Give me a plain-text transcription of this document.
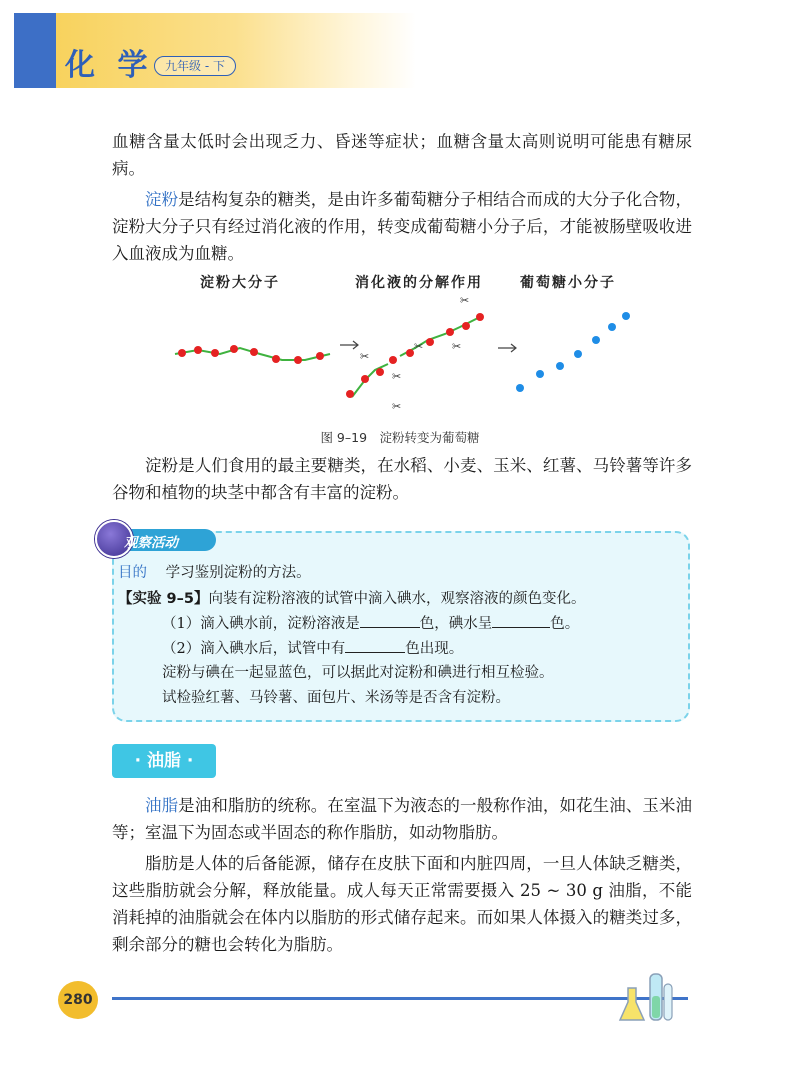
化 学 九年级 - 下
血糖含量太低时会出现乏力、昏迷等症状；血糖含量太高则说明可能患有糖尿病。
淀粉是结构复杂的糖类，是由许多葡萄糖分子相结合而成的大分子化合物，淀粉大分子只有经过消化液的作用，转变成葡萄糖小分子后，才能被肠壁吸收进入血液成为血糖。
淀粉大分子	消化液的分解作用	葡萄糖小分子
✂
✂
✂	✂
✂
✂
图 9–19　淀粉转变为葡萄糖
淀粉是人们食用的最主要糖类，在水稻、小麦、玉米、红薯、马铃薯等许多谷物和植物的块茎中都含有丰富的淀粉。
观察活动
目的 学习鉴别淀粉的方法。
【实验 9–5】向装有淀粉溶液的试管中滴入碘水，观察溶液的颜色变化。
（1）滴入碘水前，淀粉溶液是	色，碘水呈	色。
（2）滴入碘水后，试管中有	色出现。
淀粉与碘在一起显蓝色，可以据此对淀粉和碘进行相互检验。
试检验红薯、马铃薯、面包片、米汤等是否含有淀粉。
· 油脂 ·
油脂是油和脂肪的统称。在室温下为液态的一般称作油，如花生油、玉米油等；室温下为固态或半固态的称作脂肪，如动物脂肪。
脂肪是人体的后备能源，储存在皮肤下面和内脏四周，一旦人体缺乏糖类，这些脂肪就会分解，释放能量。成人每天正常需要摄入 25 ~ 30 g 油脂，不能消耗掉的油脂就会在体内以脂肪的形式储存起来。而如果人体摄入的糖类过多，剩余部分的糖也会转化为脂肪。
280
